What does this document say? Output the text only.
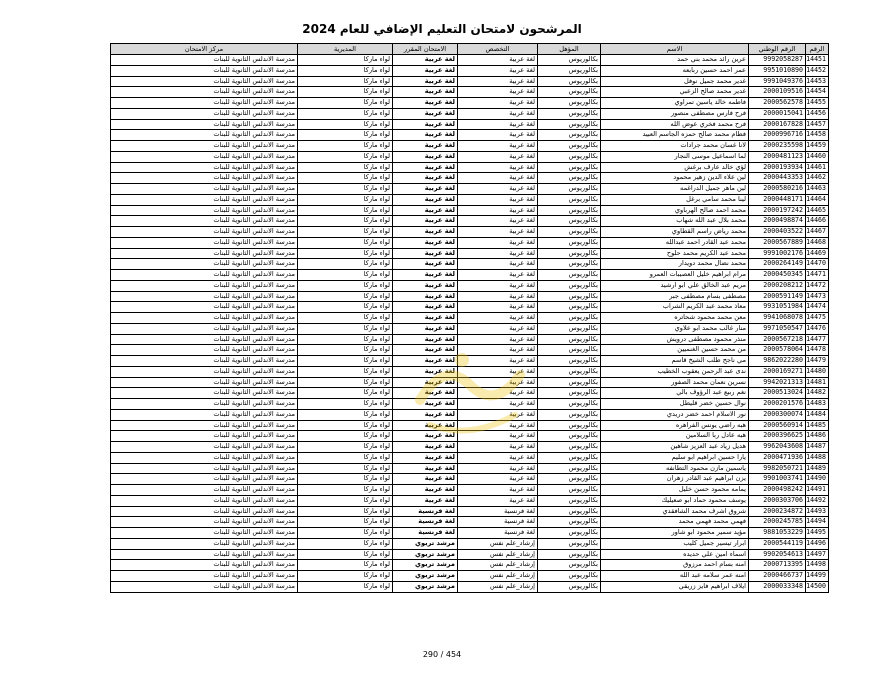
المرشحون لامتحان التعليم الإضافي للعام 2024
الرقم	الرقم الوطني	الاسم	المؤهل	التخصص	الامتحان المقرر	المديرية	مركز الامتحان
14451	9992058287	عرين رائد محمد بني حمد	بكالوريوس	لغة عربية	لغة عربية	لواء ماركا	مدرسة الاندلس الثانوية للبنات
14452	9951010890	عمر احمد حسين ربابعه	بكالوريوس	لغة عربية	لغة عربية	لواء ماركا	مدرسة الاندلس الثانوية للبنات
14453	9991049376	غدير محمد جميل نوفل	بكالوريوس	لغة عربية	لغة عربية	لواء ماركا	مدرسة الاندلس الثانوية للبنات
14454	2000109516	غدير محمد صالح الزعبي	بكالوريوس	لغة عربية	لغة عربية	لواء ماركا	مدرسة الاندلس الثانوية للبنات
14455	2000562578	فاطمه خالد ياسين تمراوي	بكالوريوس	لغة عربية	لغة عربية	لواء ماركا	مدرسة الاندلس الثانوية للبنات
14456	2000015041	فرح فارس مصطفى منصور	بكالوريوس	لغة عربية	لغة عربية	لواء ماركا	مدرسة الاندلس الثانوية للبنات
14457	2000167828	فرح محمد فخري عوض الله	بكالوريوس	لغة عربية	لغة عربية	لواء ماركا	مدرسة الاندلس الثانوية للبنات
14458	2000996716	فطام محمد صالح حمزه الجاسم العبيد	بكالوريوس	لغة عربية	لغة عربية	لواء ماركا	مدرسة الاندلس الثانوية للبنات
14459	2000235598	لانا غسان محمد جرادات	بكالوريوس	لغة عربية	لغة عربية	لواء ماركا	مدرسة الاندلس الثانوية للبنات
14460	2000481123	لما اسماعيل موسى النجار	بكالوريوس	لغة عربية	لغة عربية	لواء ماركا	مدرسة الاندلس الثانوية للبنات
14461	2000193934	لؤي خالد عارف برغش	بكالوريوس	لغة عربية	لغة عربية	لواء ماركا	مدرسة الاندلس الثانوية للبنات
14462	2000443353	لين علاء الدين زهير محمود	بكالوريوس	لغة عربية	لغة عربية	لواء ماركا	مدرسة الاندلس الثانوية للبنات
14463	2000580216	لين ماهر جميل الدراغمه	بكالوريوس	لغة عربية	لغة عربية	لواء ماركا	مدرسة الاندلس الثانوية للبنات
14464	2000448171	لينا محمد سامي برغل	بكالوريوس	لغة عربية	لغة عربية	لواء ماركا	مدرسة الاندلس الثانوية للبنات
14465	2000197242	محمد احمد صالح الهرباوي	بكالوريوس	لغة عربية	لغة عربية	لواء ماركا	مدرسة الاندلس الثانوية للبنات
14466	2000498874	محمد بلال عبد الله شهاب	بكالوريوس	لغة عربية	لغة عربية	لواء ماركا	مدرسة الاندلس الثانوية للبنات
14467	2000403522	محمد رياض راسم القطاوي	بكالوريوس	لغة عربية	لغة عربية	لواء ماركا	مدرسة الاندلس الثانوية للبنات
14468	2000567889	محمد عبد القادر احمد عبدالله	بكالوريوس	لغة عربية	لغة عربية	لواء ماركا	مدرسة الاندلس الثانوية للبنات
14469	9991002176	محمد عبد الكريم محمد حلوح	بكالوريوس	لغة عربية	لغة عربية	لواء ماركا	مدرسة الاندلس الثانوية للبنات
14470	2000264149	محمد نضال محمد دويدار	بكالوريوس	لغة عربية	لغة عربية	لواء ماركا	مدرسة الاندلس الثانوية للبنات
14471	2000450345	مرام ابراهيم خليل العصيبات العمرو	بكالوريوس	لغة عربية	لغة عربية	لواء ماركا	مدرسة الاندلس الثانوية للبنات
14472	2000208212	مريم عبد الخالق علي ابو ارشيد	بكالوريوس	لغة عربية	لغة عربية	لواء ماركا	مدرسة الاندلس الثانوية للبنات
14473	2000591149	مصطفى بسام مصطفى جبر	بكالوريوس	لغة عربية	لغة عربية	لواء ماركا	مدرسة الاندلس الثانوية للبنات
14474	9931051984	معاذ محمد عبد الكريم الشراب	بكالوريوس	لغة عربية	لغة عربية	لواء ماركا	مدرسة الاندلس الثانوية للبنات
14475	9941068078	معن محمد محمود شحاتره	بكالوريوس	لغة عربية	لغة عربية	لواء ماركا	مدرسة الاندلس الثانوية للبنات
14476	9971050547	منار غالب محمد ابو علاوي	بكالوريوس	لغة عربية	لغة عربية	لواء ماركا	مدرسة الاندلس الثانوية للبنات
14477	2000567218	منذر محمود مصطفى درويش	بكالوريوس	لغة عربية	لغة عربية	لواء ماركا	مدرسة الاندلس الثانوية للبنات
14478	2000578064	من محمد حسين الغنميين	بكالوريوس	لغة عربية	لغة عربية	لواء ماركا	مدرسة الاندلس الثانوية للبنات
14479	9862022280	مي ناجح طلب الشيخ قاسم	بكالوريوس	لغة عربية	لغة عربية	لواء ماركا	مدرسة الاندلس الثانوية للبنات
14480	2000169271	ندى عبد الرحمن يعقوب الخطيب	بكالوريوس	لغة عربية	لغة عربية	لواء ماركا	مدرسة الاندلس الثانوية للبنات
14481	9942021313	نسرين نعمان محمد الصفور	بكالوريوس	لغة عربية	لغة عربية	لواء ماركا	مدرسة الاندلس الثانوية للبنات
14482	2000513024	نغم ربيع عبد الرؤوف بالي	بكالوريوس	لغة عربية	لغة عربية	لواء ماركا	مدرسة الاندلس الثانوية للبنات
14483	2000201576	نوال حسين خضر قليطل	بكالوريوس	لغة عربية	لغة عربية	لواء ماركا	مدرسة الاندلس الثانوية للبنات
14484	2000300074	نور الاسلام احمد خضر دريدي	بكالوريوس	لغة عربية	لغة عربية	لواء ماركا	مدرسة الاندلس الثانوية للبنات
14485	2000560914	هبه راضي يونس الفراهره	بكالوريوس	لغة عربية	لغة عربية	لواء ماركا	مدرسة الاندلس الثانوية للبنات
14486	2000396625	هبه عادل ربا السلامين	بكالوريوس	لغة عربية	لغة عربية	لواء ماركا	مدرسة الاندلس الثانوية للبنات
14487	9962043608	هديل زياد عبد العزيز شاهين	بكالوريوس	لغة عربية	لغة عربية	لواء ماركا	مدرسة الاندلس الثانوية للبنات
14488	2000471936	يارا حسين ابراهيم ابو سليم	بكالوريوس	لغة عربية	لغة عربية	لواء ماركا	مدرسة الاندلس الثانوية للبنات
14489	9982050721	ياسمين مازن محمود التطانفه	بكالوريوس	لغة عربية	لغة عربية	لواء ماركا	مدرسة الاندلس الثانوية للبنات
14490	9901003741	يزن ابراهيم عبد القادر زهران	بكالوريوس	لغة عربية	لغة عربية	لواء ماركا	مدرسة الاندلس الثانوية للبنات
14491	2000498242	يمامه محمود حسن خليل	بكالوريوس	لغة عربية	لغة عربية	لواء ماركا	مدرسة الاندلس الثانوية للبنات
14492	2000303706	يوسف محمود حماد ابو صعيليك	بكالوريوس	لغة عربية	لغة عربية	لواء ماركا	مدرسة الاندلس الثانوية للبنات
14493	2000234872	شروق اشرف محمد الشافقدي	بكالوريوس	لغة فرنسية	لغة فرنسية	لواء ماركا	مدرسة الاندلس الثانوية للبنات
14494	2000245785	فهمي محمد فهمي محمد	بكالوريوس	لغة فرنسية	لغة فرنسية	لواء ماركا	مدرسة الاندلس الثانوية للبنات
14495	9881053229	مؤيد سمير محمود ابو شاور	بكالوريوس	لغة فرنسية	لغة فرنسية	لواء ماركا	مدرسة الاندلس الثانوية للبنات
14496	2000544119	ابرار تيسير جميل كليب	بكالوريوس	إرشاد_علم نفس	مرشد تربوي	لواء ماركا	مدرسة الاندلس الثانوية للبنات
14497	9902054613	اسماء امين علي حديده	بكالوريوس	إرشاد_علم نفس	مرشد تربوي	لواء ماركا	مدرسة الاندلس الثانوية للبنات
14498	2000713395	امنه بسام احمد مرزوق	بكالوريوس	إرشاد_علم نفس	مرشد تربوي	لواء ماركا	مدرسة الاندلس الثانوية للبنات
14499	2000466737	امنه عمر سلامه عبد الله	بكالوريوس	إرشاد_علم نفس	مرشد تربوي	لواء ماركا	مدرسة الاندلس الثانوية للبنات
14500	2000033348	ايلاف ابراهيم فايز زريقي	بكالوريوس	إرشاد_علم نفس	مرشد تربوي	لواء ماركا	مدرسة الاندلس الثانوية للبنات
290 / 454
